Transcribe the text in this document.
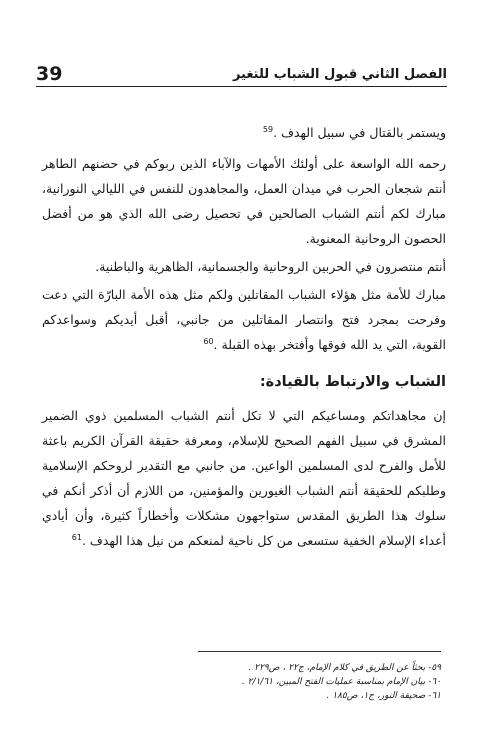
39	الفصل الثاني قبول الشباب للتغير

ويستمر بالقتال في سبيل الهدف .$^{59}$

رحمه الله الواسعة على أولئك الأمهات والآباء الذين ربوكم في حضنهم الطاهر أنتم شجعان الحرب في ميدان العمل، والمجاهدون للنفس في الليالي النورانية، مبارك لكم أنتم الشباب الصالحين في تحصيل رضى الله الذي هو من أفضل الحصون الروحانية المعنوية.

أنتم منتصرون في الحربين الروحانية والجسمانية، الظاهرية والباطنية.

مبارك للأمة مثل هؤلاء الشباب المقاتلين ولكم مثل هذه الأمة البارّة التي دعت وفرحت بمجرد فتح وانتصار المقاتلين من جانبي، أقبل أيديكم وسواعدكم القوية، التي يد الله فوقها وأفتخر بهذه القبلة .$^{60}$

الشباب والارتباط بالقيادة:

إن مجاهداتكم ومساعيكم التي لا تكل أنتم الشباب المسلمين ذوي الضمير المشرق في سبيل الفهم الصحيح للإسلام، ومعرفة حقيقة القرآن الكريم باعثة للأمل والفرح لدى المسلمين الواعين. من جانبي مع التقدير لروحكم الإسلامية وطلبكم للحقيقة أنتم الشباب الغيورين والمؤمنين، من اللازم أن أذكر أنكم في سلوك هذا الطريق المقدس ستواجهون مشكلات وأخطاراً كثيرة، وأن أيادي أعداء الإسلام الخفية ستسعى من كل ناحية لمنعكم من نيل هذا الهدف .$^{61}$

٥٩- بحثاً عن الطريق في كلام الإمام، ج٢٢ ، ص٢٢٩ .
٦٠- بيان الإمام بمناسبة عمليات الفتح المبين، ٢/١/٦١ .
٦١- صحيفة النور، ج١، ص١٨٥ .
